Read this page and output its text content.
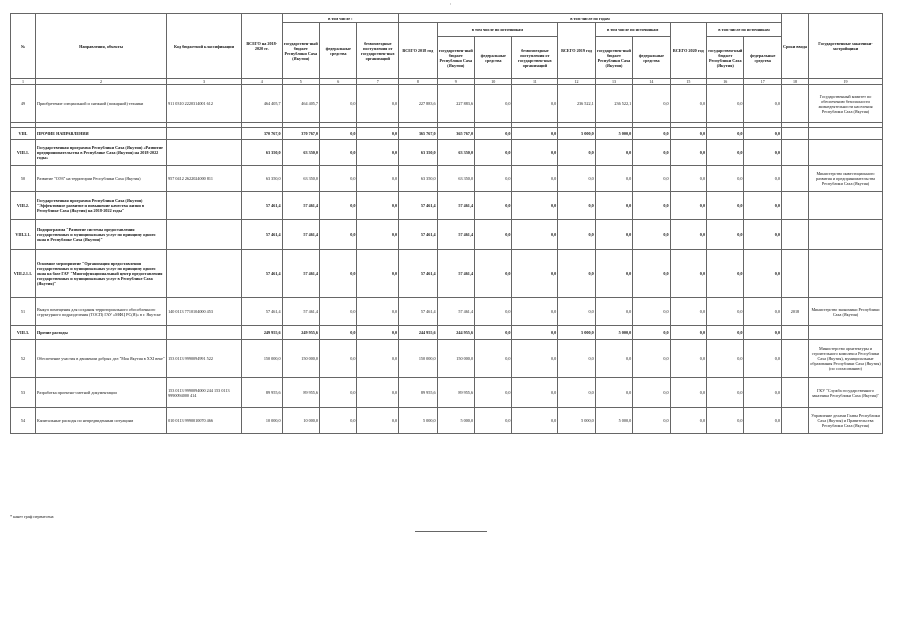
'
№	Направления, объекты	Код бюджетной классификации	ВСЕГО на 2018-2020 гг.	в том числе :			в том числе по годам										Сроки ввода	Государственные заказчики-застройщики
				государствен-ный бюджет Республики Саха (Якутия)	федеральные средства	безвозмездные поступления от государствен-ных организаций	ВСЕГО 2018 год	в том числе по источникам			ВСЕГО 2019 год	в том числе по источникам		ВСЕГО 2020 год	в том числе по источникам			
								государствен-ный бюджет Республики Саха (Якутия)	федеральные средства	безвозмездные поступления от государствен-ных организаций		государствен-ный бюджет Республики Саха (Якутия)	федеральные средства		государствен-ный бюджет Республики Саха (Якутия)	федеральные средства		
1	2	3	4	5	6	7	8	9	10	11	12	13	14	15	16	17	18	19
49	Приобретение специальной и снежной (пожарной) техники	911 0310 2220314001 612	464 405,7	464 405,7	0,0	0,0	227 883,6	227 883,6	0,0	0,0	236 522,1	236 522,1	0,0	0,0	0,0	0,0		Государственный комитет по обеспечению безопасности жизнедеятельности населения Республики Саха (Якутия)

VIII.	ПРОЧИЕ НАПРАВЛЕНИЯ		370 767,0	370 767,0	0,0	0,0	365 767,0	365 767,0	0,0	0,0	5 000,0	5 000,0	0,0	0,0	0,0	0,0		
VIII.1.	Государственная программа Республики Саха (Якутия) «Развитие предпринимательства в Республике Саха (Якутия) на 2018-2022 годы»		63 350,0	63 350,0	0,0	0,0	63 350,0	63 350,0	0,0	0,0	0,0	0,0	0,0	0,0	0,0	0,0		
50	Развитие "ОЭЗ" на территории Республики Саха (Якутия)	957 0412 2622024000 811	63 350,0	63 350,0	0,0	0,0	63 350,0	63 350,0	0,0	0,0	0,0	0,0	0,0	0,0	0,0	0,0		Министерство инвестиционного развития и предпринимательства Республики Саха (Якутия)
VIII.2.	Государственная программа Республики Саха (Якутия) "Эффективное развитие и повышение качества жизни в Республике Саха (Якутия) на 2018-2022 годы"		57 461,4	57 461,4	0,0	0,0	57 461,4	57 461,4	0,0	0,0	0,0	0,0	0,0	0,0	0,0	0,0		
VIII.2.1.	Подпрограмма "Развитие системы предоставления государственных и муниципальных услуг по принципу одного окна в Республике Саха (Якутия)"		57 461,4	57 461,4	0,0	0,0	57 461,4	57 461,4	0,0	0,0	0,0	0,0	0,0	0,0	0,0	0,0		
VIII.2.1.1.	Основное мероприятие "Организация предоставления государственных и муниципальных услуг по принципу одного окна на базе ГАУ "Многофункциональный центр предоставления государственных и муниципальных услуг в Республике Саха (Якутия)"		57 461,4	57 461,4	0,0	0,0	57 461,4	57 461,4	0,0	0,0	0,0	0,0	0,0	0,0	0,0	0,0		
51	Выкуп помещения для создания территориального обособленного структурного подразделения (ТОСП) ГАУ «МФЦ РС(Я)» в г. Якутске	140 0113 7710104000 453	57 461,4	57 461,4	0,0	0,0	57 461,4	57 461,4	0,0	0,0	0,0	0,0	0,0	0,0	0,0	0,0	2018	Министерство экономики Республики Саха (Якутия)
VIII.3.	Прочие расходы		249 955,6	249 955,6	0,0	0,0	244 955,6	244 955,6	0,0	0,0	5 000,0	5 000,0	0,0	0,0	0,0	0,0		
52	Обеспечение участия в движении добрых дел "Моя Якутия в XXI веке"	153 0113 9990094991 522	150 000,0	150 000,0	0,0	0,0	150 000,0	150 000,0	0,0	0,0	0,0	0,0	0,0	0,0	0,0	0,0		Министерство архитектуры и строительного комплекса Республики Саха (Якутия), муниципальные образования Республики Саха (Якутия) (по согласованию)
53	Разработка проектно-сметной документации	153 0113 9990094000 244 153 0113 9990094000 414	89 955,6	89 955,6	0,0	0,0	89 955,6	89 955,6	0,0	0,0	0,0	0,0	0,0	0,0	0,0	0,0		ГКУ "Служба государственного заказчика Республики Саха (Якутия)"
54	Капитальные расходы по непредвиденным ситуациям	010 0113 9990010070 466	10 000,0	10 000,0	0,0	0,0	5 000,0	5 000,0	0,0	0,0	5 000,0	5 000,0	0,0	0,0	0,0	0,0		Управление делами Главы Республики Саха (Якутия) и Правительства Республики Саха (Якутия)
* канет граф перенесена
